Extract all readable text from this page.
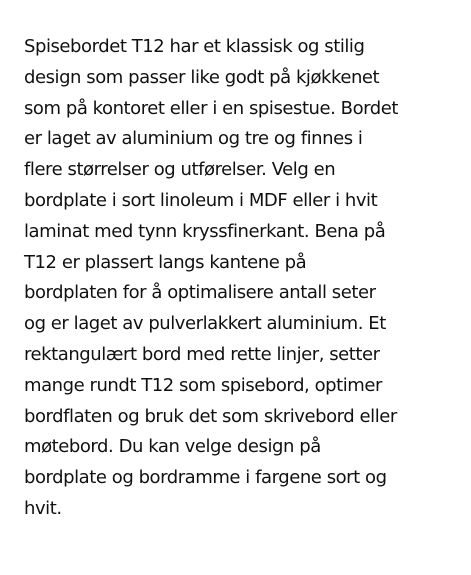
Spisebordet T12 har et klassisk og stilig
design som passer like godt på kjøkkenet
som på kontoret eller i en spisestue. Bordet
er laget av aluminium og tre og finnes i
flere størrelser og utførelser. Velg en
bordplate i sort linoleum i MDF eller i hvit
laminat med tynn kryssfinerkant. Bena på
T12 er plassert langs kantene på
bordplaten for å optimalisere antall seter
og er laget av pulverlakkert aluminium. Et
rektangulært bord med rette linjer, setter
mange rundt T12 som spisebord, optimer
bordflaten og bruk det som skrivebord eller
møtebord. Du kan velge design på
bordplate og bordramme i fargene sort og
hvit.
